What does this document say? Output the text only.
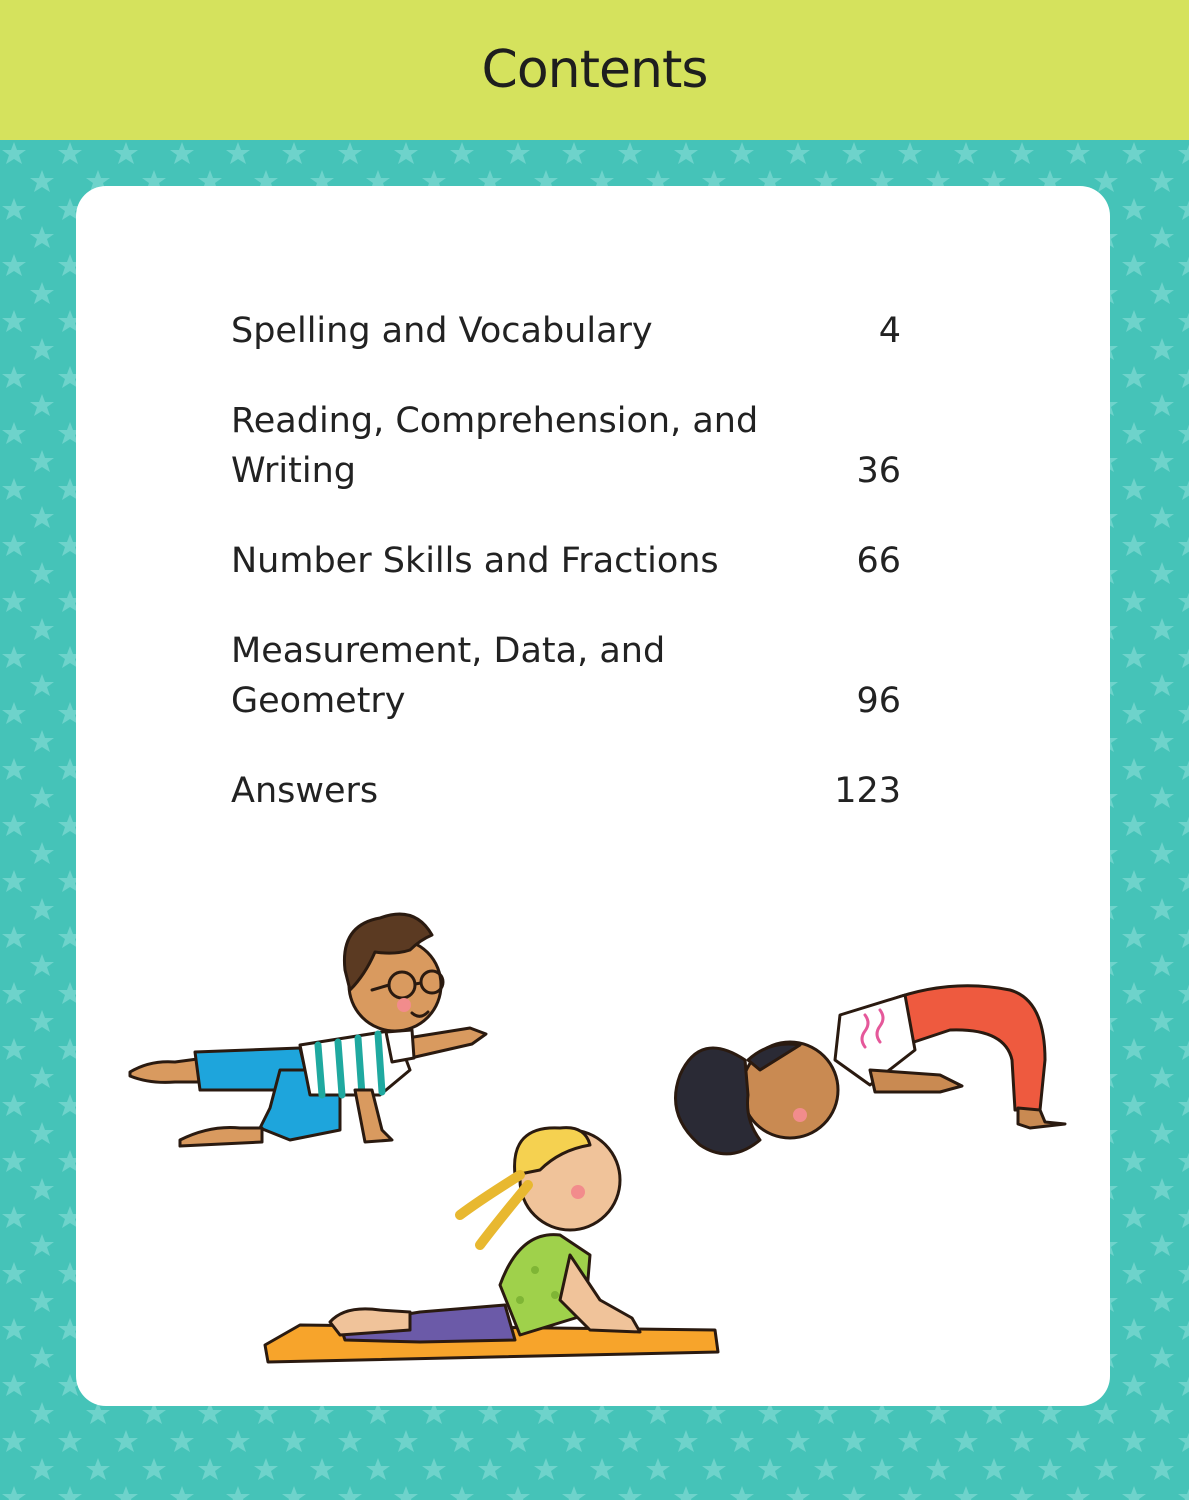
Contents
Spelling and Vocabulary	4
Reading, Comprehension, and Writing	36
Number Skills and Fractions	66
Measurement, Data, and Geometry	96
Answers	123
